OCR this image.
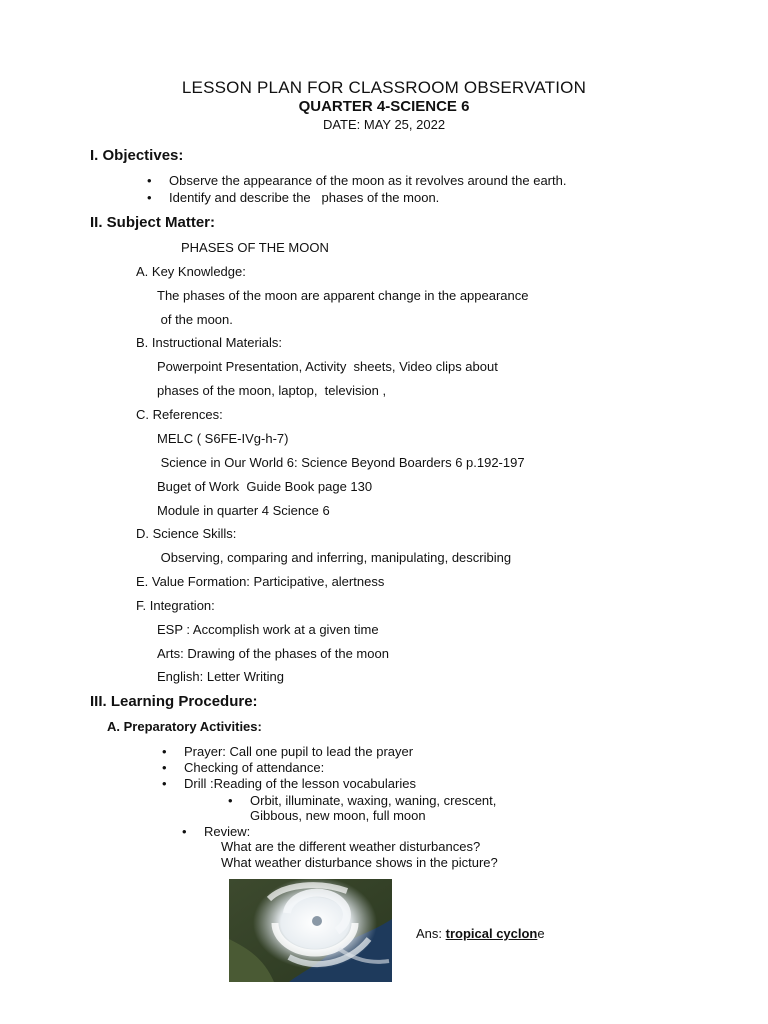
LESSON PLAN FOR CLASSROOM OBSERVATION
QUARTER 4-SCIENCE 6
DATE: MAY 25, 2022
I. Objectives:
• Observe the appearance of the moon as it revolves around the earth.
• Identify and describe the   phases of the moon.
II. Subject Matter:
PHASES OF THE MOON
A. Key Knowledge:
The phases of the moon are apparent change in the appearance
of the moon.
B. Instructional Materials:
Powerpoint Presentation, Activity  sheets, Video clips about
phases of the moon, laptop,  television ,
C. References:
MELC ( S6FE-IVg-h-7)
Science in Our World 6: Science Beyond Boarders 6 p.192-197
Buget of Work  Guide Book page 130
Module in quarter 4 Science 6
D. Science Skills:
Observing, comparing and inferring, manipulating, describing
E. Value Formation: Participative, alertness
F. Integration:
ESP : Accomplish work at a given time
Arts: Drawing of the phases of the moon
English: Letter Writing
III. Learning Procedure:
A. Preparatory Activities:
• Prayer: Call one pupil to lead the prayer
• Checking of attendance:
• Drill :Reading of the lesson vocabularies
• Orbit, illuminate, waxing, waning, crescent,
Gibbous, new moon, full moon
• Review:
What are the different weather disturbances?
What weather disturbance shows in the picture?
Ans: tropical cyclone
